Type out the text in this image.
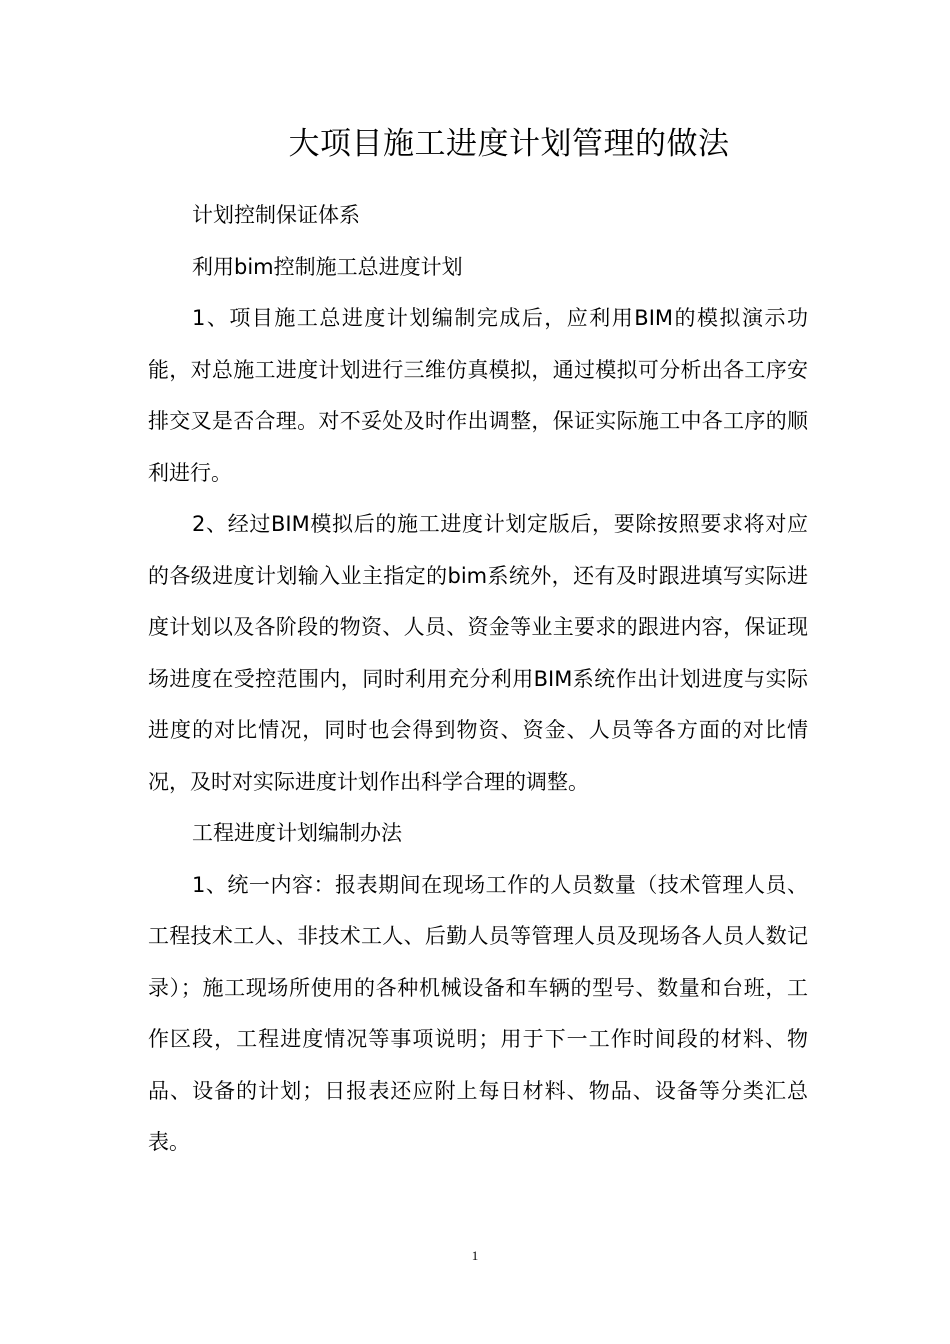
大项目施工进度计划管理的做法

计划控制保证体系

利用bim控制施工总进度计划

1、项目施工总进度计划编制完成后，应利用BIM的模拟演示功能，对总施工进度计划进行三维仿真模拟，通过模拟可分析出各工序安排交叉是否合理。对不妥处及时作出调整，保证实际施工中各工序的顺利进行。

2、经过BIM模拟后的施工进度计划定版后，要除按照要求将对应的各级进度计划输入业主指定的bim系统外，还有及时跟进填写实际进度计划以及各阶段的物资、人员、资金等业主要求的跟进内容，保证现场进度在受控范围内，同时利用充分利用BIM系统作出计划进度与实际进度的对比情况，同时也会得到物资、资金、人员等各方面的对比情况，及时对实际进度计划作出科学合理的调整。

工程进度计划编制办法

1、统一内容：报表期间在现场工作的人员数量（技术管理人员、工程技术工人、非技术工人、后勤人员等管理人员及现场各人员人数记录）；施工现场所使用的各种机械设备和车辆的型号、数量和台班，工作区段，工程进度情况等事项说明；用于下一工作时间段的材料、物品、设备的计划；日报表还应附上每日材料、物品、设备等分类汇总表。

1
